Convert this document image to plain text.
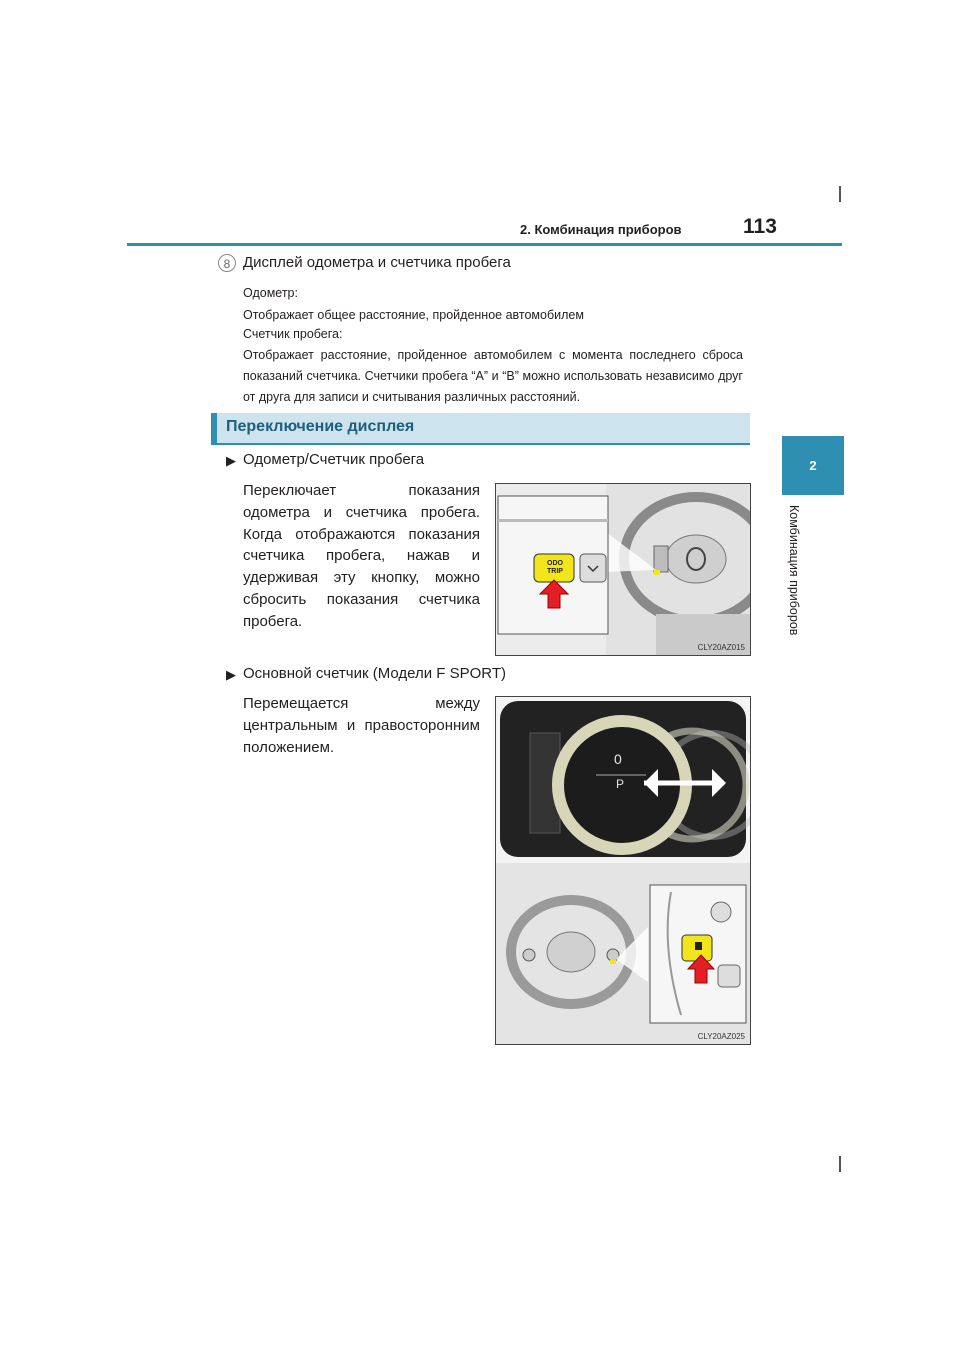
2. Комбинация приборов	113
2
Комбинация приборов
8 Дисплей одометра и счетчика пробега
Одометр:
Отображает общее расстояние, пройденное автомобилем
Счетчик пробега:
Отображает расстояние, пройденное автомобилем с момента последнего сброса показаний счетчика. Счетчики пробега “A” и “B” можно использовать независимо друг от друга для записи и считывания различных расстояний.
Переключение дисплея
▶ Одометр/Счетчик пробега
Переключает показания одометра и счетчика пробега. Когда отображаются показания счетчика пробега, нажав и удерживая эту кнопку, можно сбросить показания счетчика пробега.
▶ Основной счетчик (Модели F SPORT)
Перемещается между центральным и правосторонним положением.
ODO
TRIP
CLY20AZ015
0
P
CLY20AZ025
